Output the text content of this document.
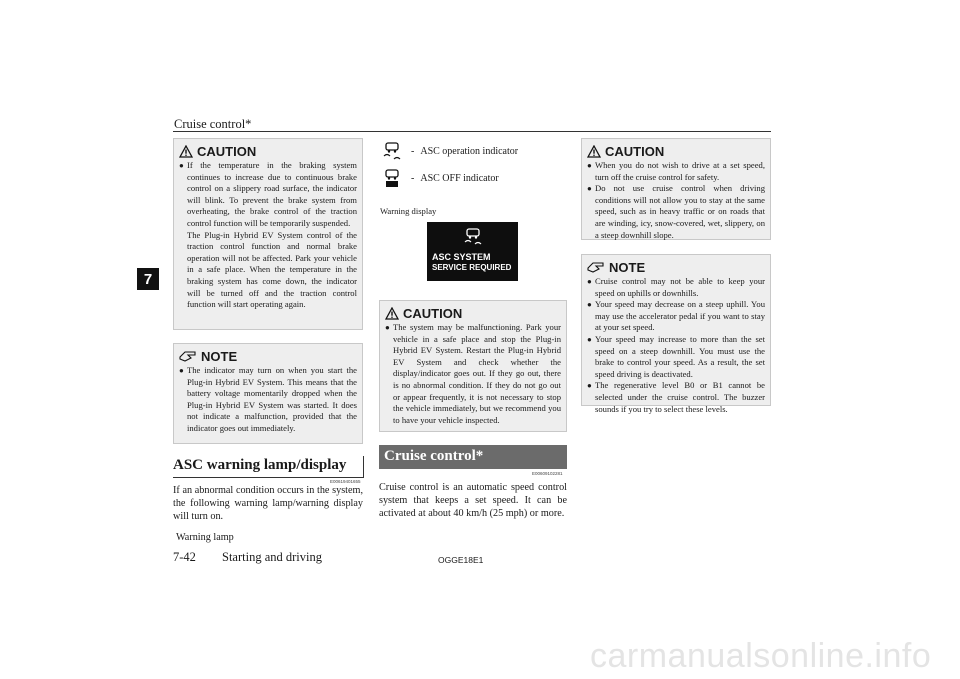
Cruise control*
7
CAUTION
● If the temperature in the braking system continues to increase due to continuous brake control on a slippery road surface, the indicator will blink. To prevent the brake system from overheating, the brake control of the traction control function will be temporarily suspended.
The Plug-in Hybrid EV System control of the traction control function and normal brake operation will not be affected. Park your vehicle in a safe place. When the temperature in the braking system has come down, the indicator will be turned off and the traction control function will start operating again.
NOTE
● The indicator may turn on when you start the Plug-in Hybrid EV System. This means that the battery voltage momentarily dropped when the Plug-in Hybrid EV System was started. It does not indicate a malfunction, provided that the indicator goes out immediately.
ASC warning lamp/display
E00619401655
If an abnormal condition occurs in the system, the following warning lamp/warning display will turn on.
Warning lamp
- ASC operation indicator
- ASC OFF indicator
Warning display
ASC SYSTEM
SERVICE REQUIRED
CAUTION
● The system may be malfunctioning. Park your vehicle in a safe place and stop the Plug-in Hybrid EV System. Restart the Plug-in Hybrid EV System and check whether the display/indicator goes out. If they go out, there is no abnormal condition. If they do not go out or appear frequently, it is not necessary to stop the vehicle immediately, but we recommend you to have your vehicle inspected.
Cruise control*
E00609102281
Cruise control is an automatic speed control system that keeps a set speed. It can be activated at about 40 km/h (25 mph) or more.
CAUTION
● When you do not wish to drive at a set speed, turn off the cruise control for safety.
● Do not use cruise control when driving conditions will not allow you to stay at the same speed, such as in heavy traffic or on roads that are winding, icy, snow-covered, wet, slippery, on a steep downhill slope.
NOTE
● Cruise control may not be able to keep your speed on uphills or downhills.
● Your speed may decrease on a steep uphill. You may use the accelerator pedal if you want to stay at your set speed.
● Your speed may increase to more than the set speed on a steep downhill. You must use the brake to control your speed. As a result, the set speed driving is deactivated.
● The regenerative level B0 or B1 cannot be selected under the cruise control. The buzzer sounds if you try to select these levels.
7-42 Starting and driving	OGGE18E1
carmanualsonline.info
